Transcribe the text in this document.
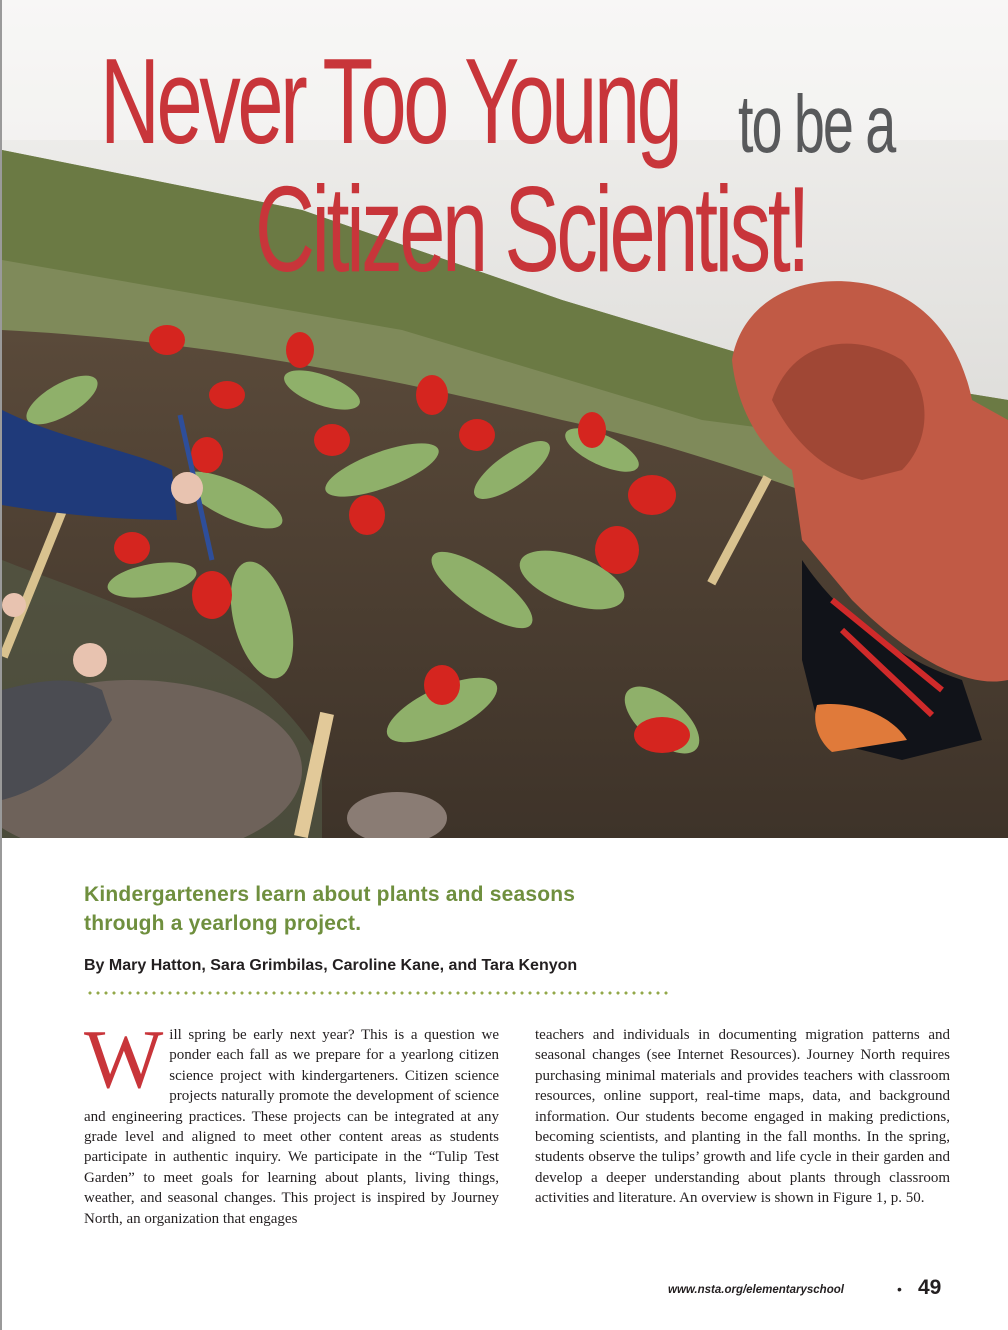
Never Too Young to be a
Citizen Scientist!
Kindergarteners learn about plants and seasons through a yearlong project.
By Mary Hatton, Sara Grimbilas, Caroline Kane, and Tara Kenyon
Will spring be early next year? This is a question we ponder each fall as we prepare for a yearlong citizen science project with kindergarteners. Citizen science projects naturally promote the development of science and engineering practices. These projects can be integrated at any grade level and aligned to meet other content areas as students participate in authentic inquiry. We participate in the “Tulip Test Garden” to meet goals for learning about plants, living things, weather, and seasonal changes. This project is inspired by Journey North, an organization that engages
teachers and individuals in documenting migration patterns and seasonal changes (see Internet Resources). Journey North requires purchasing minimal materials and provides teachers with classroom resources, online support, real-time maps, data, and background information. Our students become engaged in making predictions, becoming scientists, and planting in the fall months. In the spring, students observe the tulips’ growth and life cycle in their garden and develop a deeper understanding about plants through classroom activities and literature. An overview is shown in Figure 1, p. 50.
www.nsta.org/elementaryschool	• 49
